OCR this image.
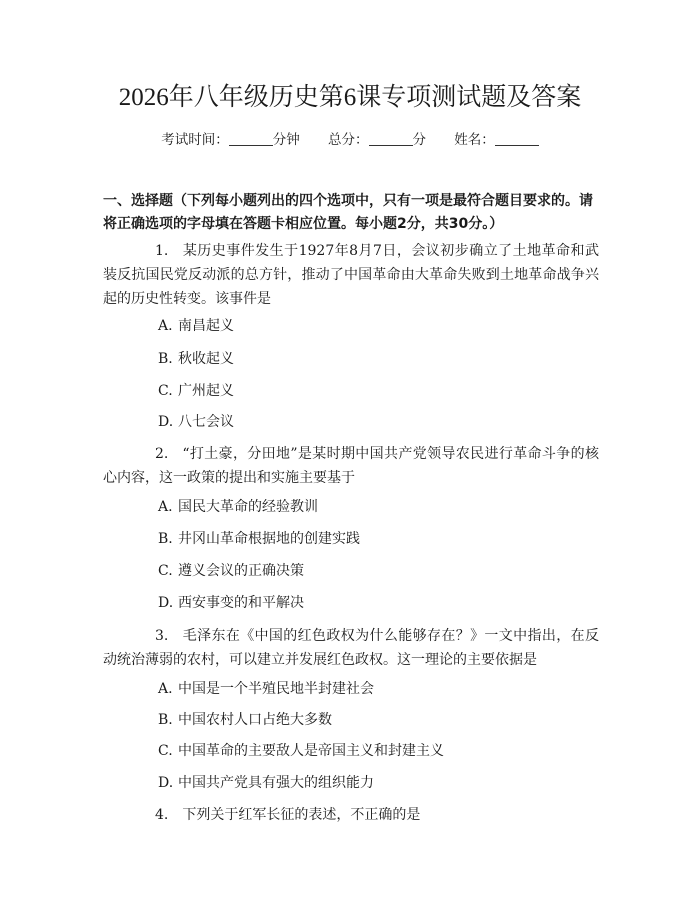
2026年八年级历史第6课专项测试题及答案
考试时间：	分钟 总分：	分 姓名：
一、选择题（下列每小题列出的四个选项中，只有一项是最符合题目要求的。请将正确选项的字母填在答题卡相应位置。每小题2分，共30分。）
1. 某历史事件发生于1927年8月7日，会议初步确立了土地革命和武装反抗国民党反动派的总方针，推动了中国革命由大革命失败到土地革命战争兴起的历史性转变。该事件是
A. 南昌起义
B. 秋收起义
C. 广州起义
D. 八七会议
2. “打土豪，分田地”是某时期中国共产党领导农民进行革命斗争的核心内容，这一政策的提出和实施主要基于
A. 国民大革命的经验教训
B. 井冈山革命根据地的创建实践
C. 遵义会议的正确决策
D. 西安事变的和平解决
3. 毛泽东在《中国的红色政权为什么能够存在？》一文中指出，在反动统治薄弱的农村，可以建立并发展红色政权。这一理论的主要依据是
A. 中国是一个半殖民地半封建社会
B. 中国农村人口占绝大多数
C. 中国革命的主要敌人是帝国主义和封建主义
D. 中国共产党具有强大的组织能力
4. 下列关于红军长征的表述，不正确的是
